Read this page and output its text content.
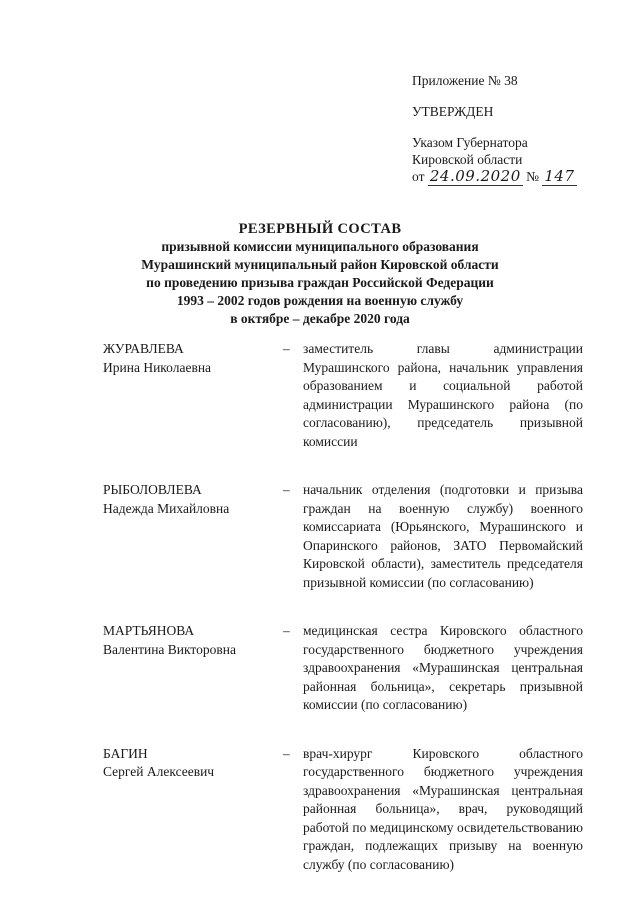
Приложение № 38
УТВЕРЖДЕН
Указом Губернатора
Кировской области
от 24.09.2020 № 147
РЕЗЕРВНЫЙ СОСТАВ
призывной комиссии муниципального образования
Мурашинский муниципальный район Кировской области
по проведению призыва граждан Российской Федерации
1993 – 2002 годов рождения на военную службу
в октябре – декабре 2020 года
ЖУРАВЛЕВА
Ирина Николаевна
– заместитель главы администрации Мурашинского района, начальник управления образованием и социальной работой администрации Мурашинского района (по согласованию), председатель призывной комиссии
РЫБОЛОВЛЕВА
Надежда Михайловна
– начальник отделения (подготовки и призыва граждан на военную службу) военного комиссариата (Юрьянского, Мурашинского и Опаринского районов, ЗАТО Первомайский Кировской области), заместитель председателя призывной комиссии (по согласованию)
МАРТЬЯНОВА
Валентина Викторовна
– медицинская сестра Кировского областного государственного бюджетного учреждения здравоохранения «Мурашинская центральная районная больница», секретарь призывной комиссии (по согласованию)
БАГИН
Сергей Алексеевич
– врач-хирург Кировского областного государственного бюджетного учреждения здравоохранения «Мурашинская центральная районная больница», врач, руководящий работой по медицинскому освидетельствованию граждан, подлежащих призыву на военную службу (по согласованию)
